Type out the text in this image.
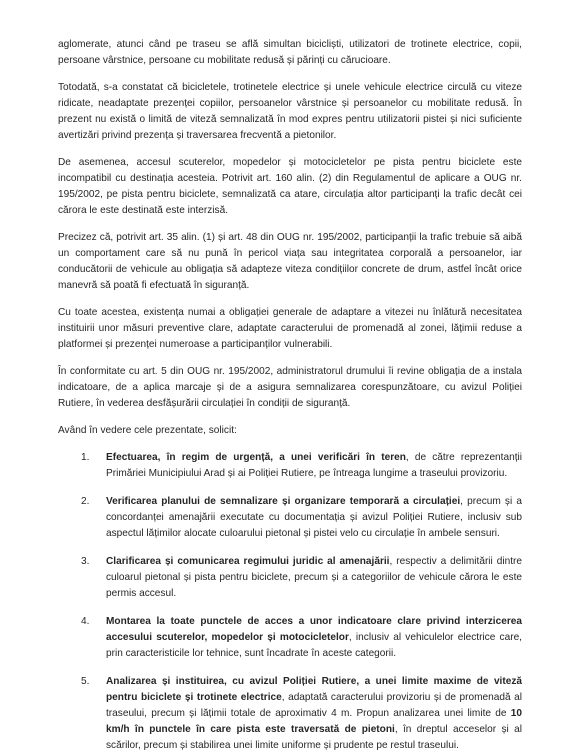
aglomerate, atunci când pe traseu se află simultan bicicliști, utilizatori de trotinete electrice, copii, persoane vârstnice, persoane cu mobilitate redusă și părinți cu cărucioare.

Totodată, s-a constatat că bicicletele, trotinetele electrice și unele vehicule electrice circulă cu viteze ridicate, neadaptate prezenței copiilor, persoanelor vârstnice și persoanelor cu mobilitate redusă. În prezent nu există o limită de viteză semnalizată în mod expres pentru utilizatorii pistei și nici suficiente avertizări privind prezența și traversarea frecventă a pietonilor.

De asemenea, accesul scuterelor, mopedelor și motocicletelor pe pista pentru biciclete este incompatibil cu destinația acesteia. Potrivit art. 160 alin. (2) din Regulamentul de aplicare a OUG nr. 195/2002, pe pista pentru biciclete, semnalizată ca atare, circulația altor participanți la trafic decât cei cărora le este destinată este interzisă.

Precizez că, potrivit art. 35 alin. (1) și art. 48 din OUG nr. 195/2002, participanții la trafic trebuie să aibă un comportament care să nu pună în pericol viața sau integritatea corporală a persoanelor, iar conducătorii de vehicule au obligația să adapteze viteza condițiilor concrete de drum, astfel încât orice manevră să poată fi efectuată în siguranță.

Cu toate acestea, existența numai a obligației generale de adaptare a vitezei nu înlătură necesitatea instituirii unor măsuri preventive clare, adaptate caracterului de promenadă al zonei, lățimii reduse a platformei și prezenței numeroase a participanților vulnerabili.

În conformitate cu art. 5 din OUG nr. 195/2002, administratorul drumului îi revine obligația de a instala indicatoare, de a aplica marcaje și de a asigura semnalizarea corespunzătoare, cu avizul Poliției Rutiere, în vederea desfășurării circulației în condiții de siguranță.

Având în vedere cele prezentate, solicit:

1.	Efectuarea, în regim de urgență, a unei verificări în teren, de către reprezentanții Primăriei Municipiului Arad și ai Poliției Rutiere, pe întreaga lungime a traseului provizoriu.
2.	Verificarea planului de semnalizare și organizare temporară a circulației, precum și a concordanței amenajării executate cu documentația și avizul Poliției Rutiere, inclusiv sub aspectul lățimilor alocate culoarului pietonal și pistei velo cu circulație în ambele sensuri.
3.	Clarificarea și comunicarea regimului juridic al amenajării, respectiv a delimitării dintre culoarul pietonal și pista pentru biciclete, precum și a categoriilor de vehicule cărora le este permis accesul.
4.	Montarea la toate punctele de acces a unor indicatoare clare privind interzicerea accesului scuterelor, mopedelor și motocicletelor, inclusiv al vehiculelor electrice care, prin caracteristicile lor tehnice, sunt încadrate în aceste categorii.
5.	Analizarea și instituirea, cu avizul Poliției Rutiere, a unei limite maxime de viteză pentru biciclete și trotinete electrice, adaptată caracterului provizoriu și de promenadă al traseului, precum și lățimii totale de aproximativ 4 m. Propun analizarea unei limite de 10 km/h în punctele în care pista este traversată de pietoni, în dreptul acceselor și al scărilor, precum și stabilirea unei limite uniforme și prudente pe restul traseului.
